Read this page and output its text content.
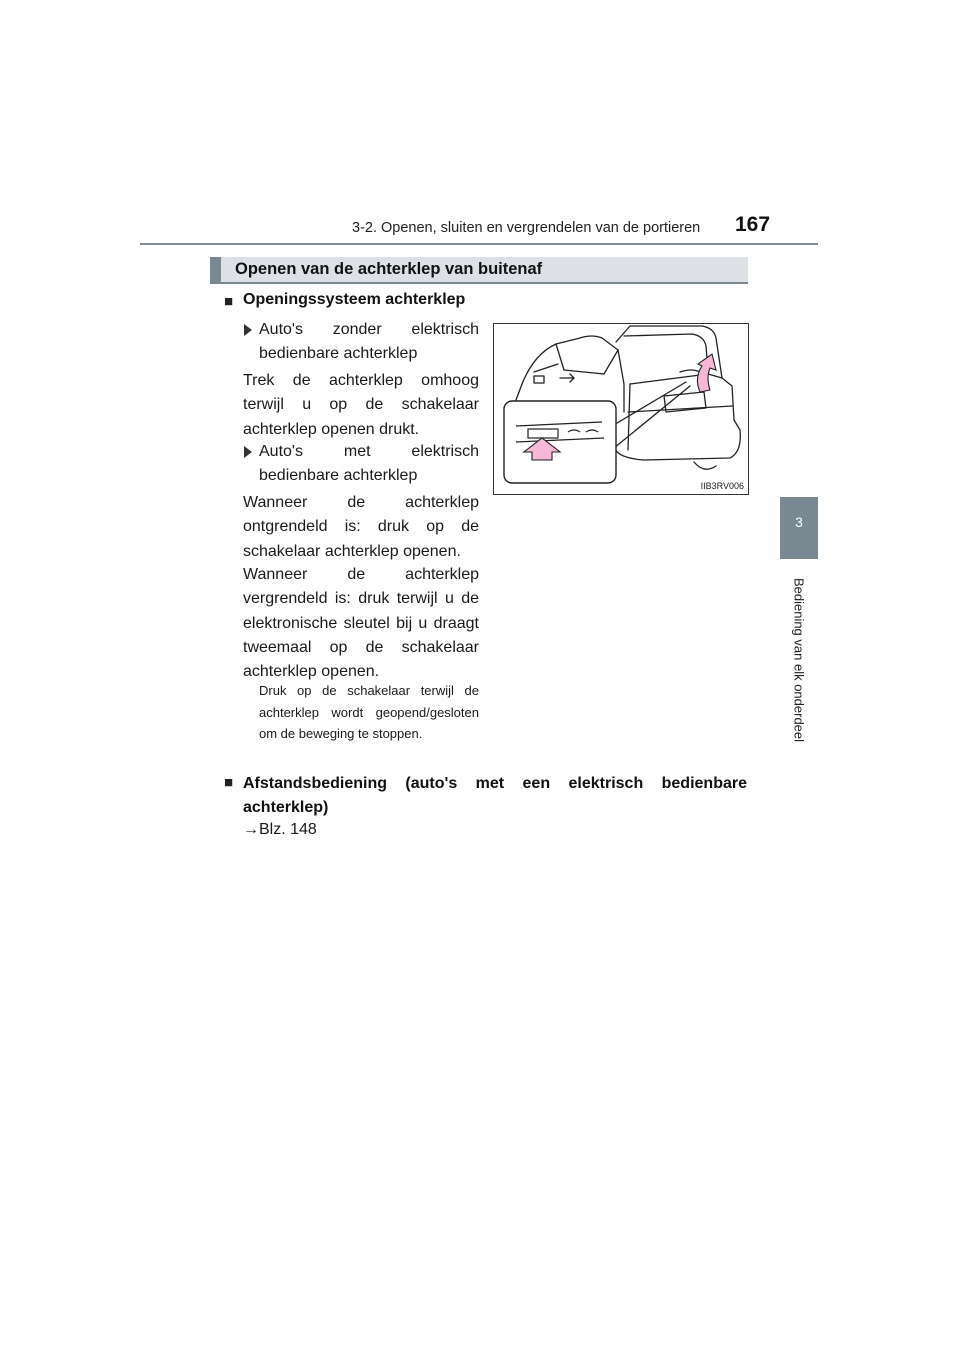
3-2. Openen, sluiten en vergrendelen van de portieren 167
3
Bediening van elk onderdeel
Openen van de achterklep van buitenaf
■ Openingssysteem achterklep
Auto's zonder elektrisch bedienbare achterklep
Trek de achterklep omhoog terwijl u op de schakelaar achterklep openen drukt.
Auto's met elektrisch bedienbare achterklep
Wanneer de achterklep ontgrendeld is: druk op de schakelaar achterklep openen.
Wanneer de achterklep vergrendeld is: druk terwijl u de elektronische sleutel bij u draagt tweemaal op de schakelaar achterklep openen.
Druk op de schakelaar terwijl de achterklep wordt geopend/gesloten om de beweging te stoppen.
IIB3RV006
■ Afstandsbediening (auto's met een elektrisch bedienbare achterklep)
→Blz. 148
